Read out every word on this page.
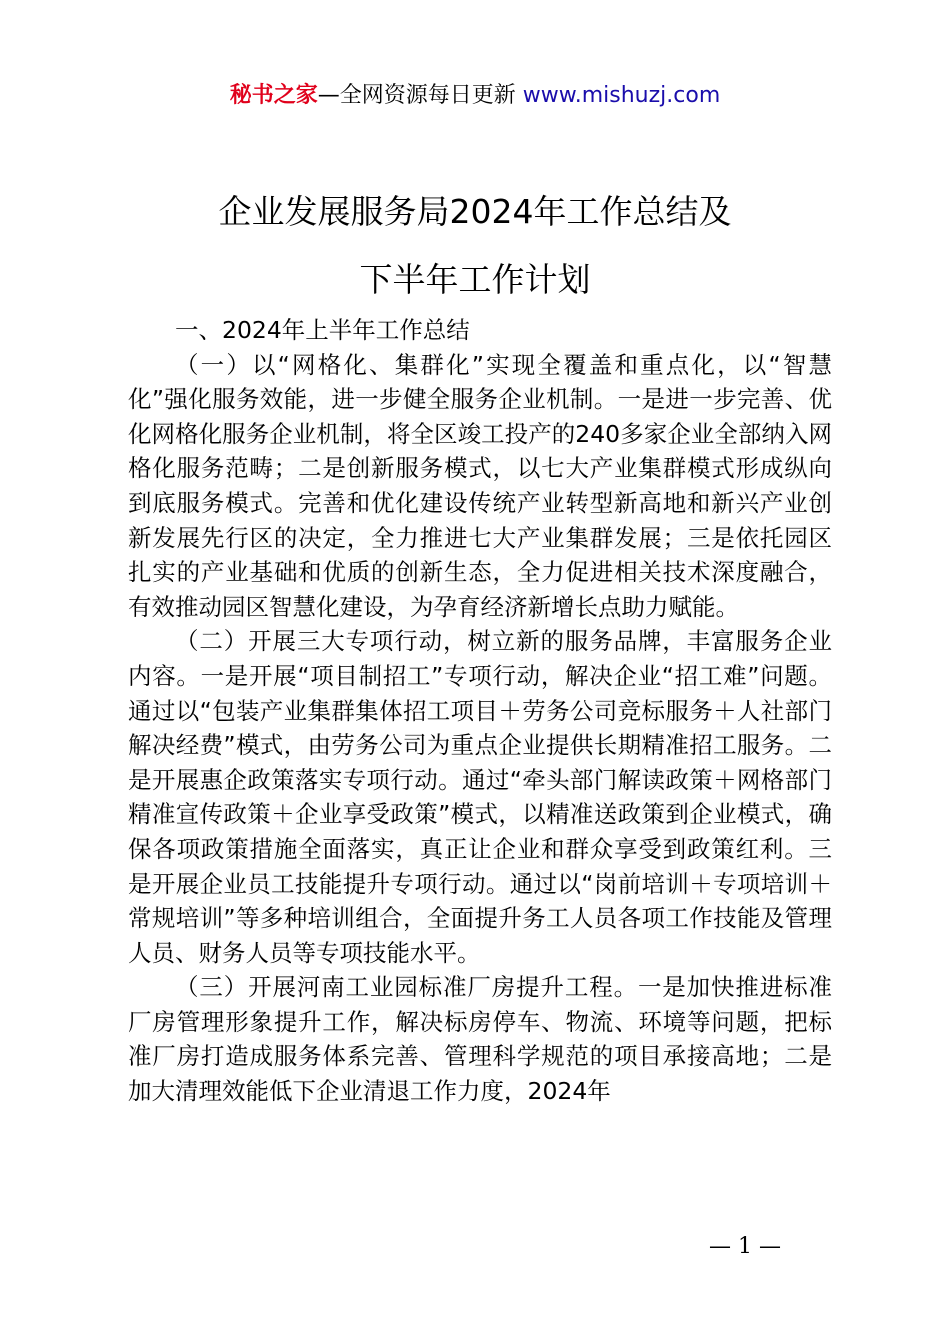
秘书之家—全网资源每日更新 www.mishuzj.com
企业发展服务局2024年工作总结及
下半年工作计划

一、2024年上半年工作总结

（一）以“网格化、集群化”实现全覆盖和重点化，以“智慧化”强化服务效能，进一步健全服务企业机制。一是进一步完善、优化网格化服务企业机制，将全区竣工投产的240多家企业全部纳入网格化服务范畴；二是创新服务模式，以七大产业集群模式形成纵向到底服务模式。完善和优化建设传统产业转型新高地和新兴产业创新发展先行区的决定，全力推进七大产业集群发展；三是依托园区扎实的产业基础和优质的创新生态，全力促进相关技术深度融合，有效推动园区智慧化建设，为孕育经济新增长点助力赋能。

（二）开展三大专项行动，树立新的服务品牌，丰富服务企业内容。一是开展“项目制招工”专项行动，解决企业“招工难”问题。通过以“包装产业集群集体招工项目＋劳务公司竞标服务＋人社部门解决经费”模式，由劳务公司为重点企业提供长期精准招工服务。二是开展惠企政策落实专项行动。通过“牵头部门解读政策＋网格部门精准宣传政策＋企业享受政策”模式，以精准送政策到企业模式，确保各项政策措施全面落实，真正让企业和群众享受到政策红利。三是开展企业员工技能提升专项行动。通过以“岗前培训＋专项培训＋常规培训”等多种培训组合，全面提升务工人员各项工作技能及管理人员、财务人员等专项技能水平。

（三）开展河南工业园标准厂房提升工程。一是加快推进标准厂房管理形象提升工作，解决标房停车、物流、环境等问题，把标准厂房打造成服务体系完善、管理科学规范的项目承接高地；二是加大清理效能低下企业清退工作力度，2024年

— 1 —
